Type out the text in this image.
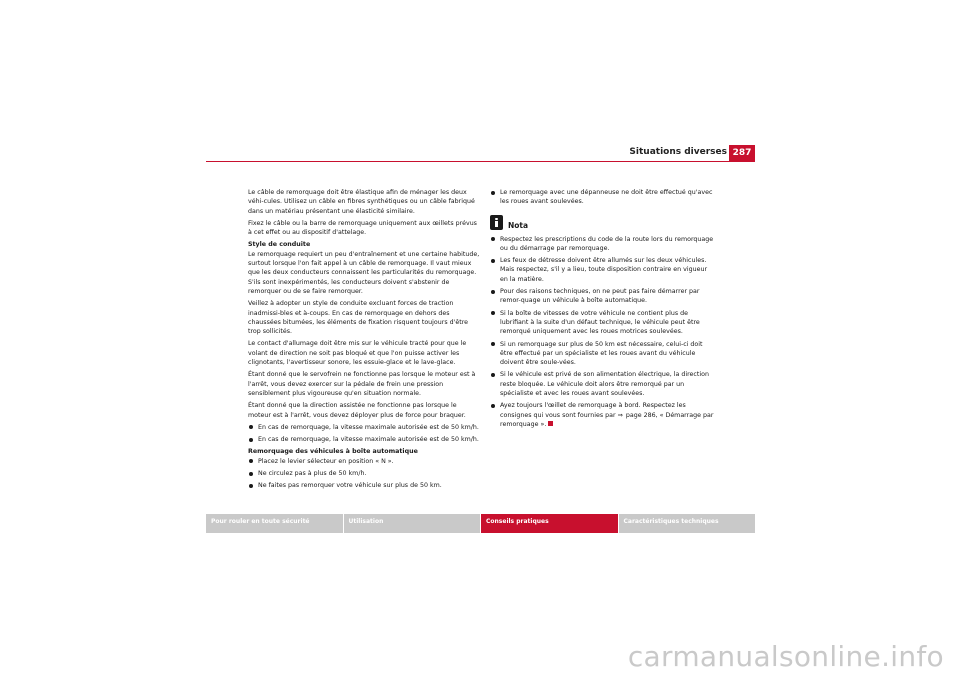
Situations diverses 287

Le câble de remorquage doit être élastique afin de ménager les deux véhi-cules. Utilisez un câble en fibres synthétiques ou un câble fabriqué dans un matériau présentant une élasticité similaire.

Fixez le câble ou la barre de remorquage uniquement aux œillets prévus à cet effet ou au dispositif d'attelage.

Style de conduite

Le remorquage requiert un peu d'entraînement et une certaine habitude, surtout lorsque l'on fait appel à un câble de remorquage. Il vaut mieux que les deux conducteurs connaissent les particularités du remorquage. S'ils sont inexpérimentés, les conducteurs doivent s'abstenir de remorquer ou de se faire remorquer.

Veillez à adopter un style de conduite excluant forces de traction inadmissi-bles et à-coups. En cas de remorquage en dehors des chaussées bitumées, les éléments de fixation risquent toujours d'être trop sollicités.

Le contact d'allumage doit être mis sur le véhicule tracté pour que le volant de direction ne soit pas bloqué et que l'on puisse activer les clignotants, l'avertisseur sonore, les essuie-glace et le lave-glace.

Étant donné que le servofrein ne fonctionne pas lorsque le moteur est à l'arrêt, vous devez exercer sur la pédale de frein une pression sensiblement plus vigoureuse qu'en situation normale.

Étant donné que la direction assistée ne fonctionne pas lorsque le moteur est à l'arrêt, vous devez déployer plus de force pour braquer.

En cas de remorquage, la vitesse maximale autorisée est de 50 km/h.
En cas de remorquage, la vitesse maximale autorisée est de 50 km/h.
Remorquage des véhicules à boîte automatique
Placez le levier sélecteur en position « N ».
Ne circulez pas à plus de 50 km/h.
Ne faites pas remorquer votre véhicule sur plus de 50 km.
Le remorquage avec une dépanneuse ne doit être effectué qu'avec les roues avant soulevées.
Nota
Respectez les prescriptions du code de la route lors du remorquage ou du démarrage par remorquage.
Les feux de détresse doivent être allumés sur les deux véhicules. Mais respectez, s'il y a lieu, toute disposition contraire en vigueur en la matière.
Pour des raisons techniques, on ne peut pas faire démarrer par remor-quage un véhicule à boîte automatique.
Si la boîte de vitesses de votre véhicule ne contient plus de lubrifiant à la suite d'un défaut technique, le véhicule peut être remorqué uniquement avec les roues motrices soulevées.
Si un remorquage sur plus de 50 km est nécessaire, celui-ci doit être effectué par un spécialiste et les roues avant du véhicule doivent être soule-vées.
Si le véhicule est privé de son alimentation électrique, la direction reste bloquée. Le véhicule doit alors être remorqué par un spécialiste et avec les roues avant soulevées.
Ayez toujours l'œillet de remorquage à bord. Respectez les consignes qui vous sont fournies par ⇒ page 286, « Démarrage par remorquage ».
Pour rouler en toute sécurité	Utilisation	Conseils pratiques	Caractéristiques techniques
carmanualsonline.info
